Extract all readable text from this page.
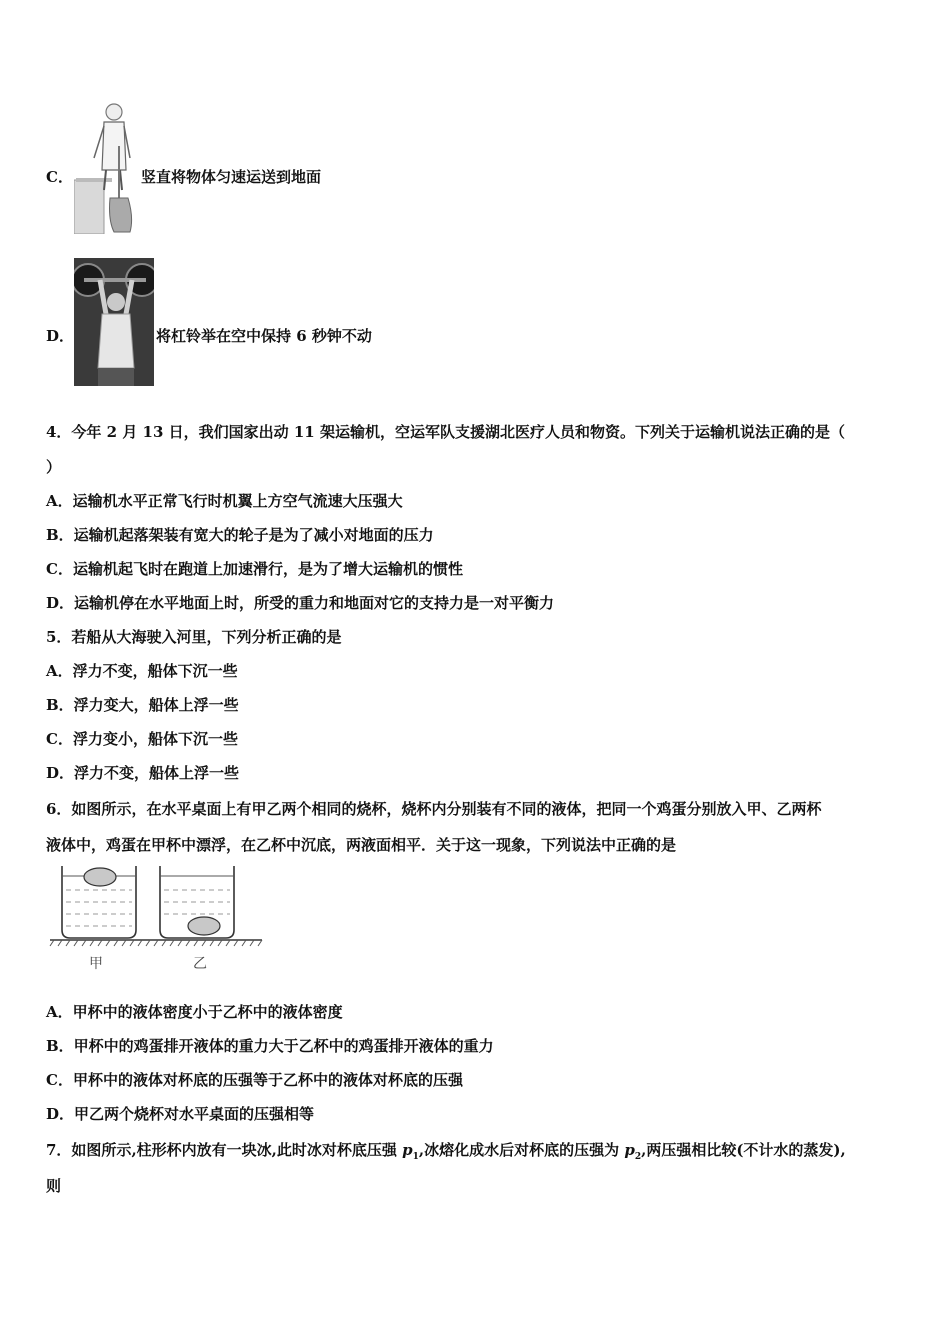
C．	竖直将物体匀速运送到地面
D．	将杠铃举在空中保持 6 秒钟不动
4．今年 2 月 13 日，我们国家出动 11 架运输机，空运军队支援湖北医疗人员和物资。下列关于运输机说法正确的是（
）
A．运输机水平正常飞行时机翼上方空气流速大压强大
B．运输机起落架装有宽大的轮子是为了减小对地面的压力
C．运输机起飞时在跑道上加速滑行，是为了增大运输机的惯性
D．运输机停在水平地面上时，所受的重力和地面对它的支持力是一对平衡力
5．若船从大海驶入河里，下列分析正确的是
A．浮力不变，船体下沉一些
B．浮力变大，船体上浮一些
C．浮力变小，船体下沉一些
D．浮力不变，船体上浮一些
6．如图所示，在水平桌面上有甲乙两个相同的烧杯，烧杯内分别装有不同的液体，把同一个鸡蛋分别放入甲、乙两杯
液体中，鸡蛋在甲杯中漂浮，在乙杯中沉底，两液面相平．关于这一现象，下列说法中正确的是
甲	乙
A．甲杯中的液体密度小于乙杯中的液体密度
B．甲杯中的鸡蛋排开液体的重力大于乙杯中的鸡蛋排开液体的重力
C．甲杯中的液体对杯底的压强等于乙杯中的液体对杯底的压强
D．甲乙两个烧杯对水平桌面的压强相等
7．如图所示,柱形杯内放有一块冰,此时冰对杯底压强 $p_1$,冰熔化成水后对杯底的压强为 $p_2$,两压强相比较(不计水的蒸发),
则
